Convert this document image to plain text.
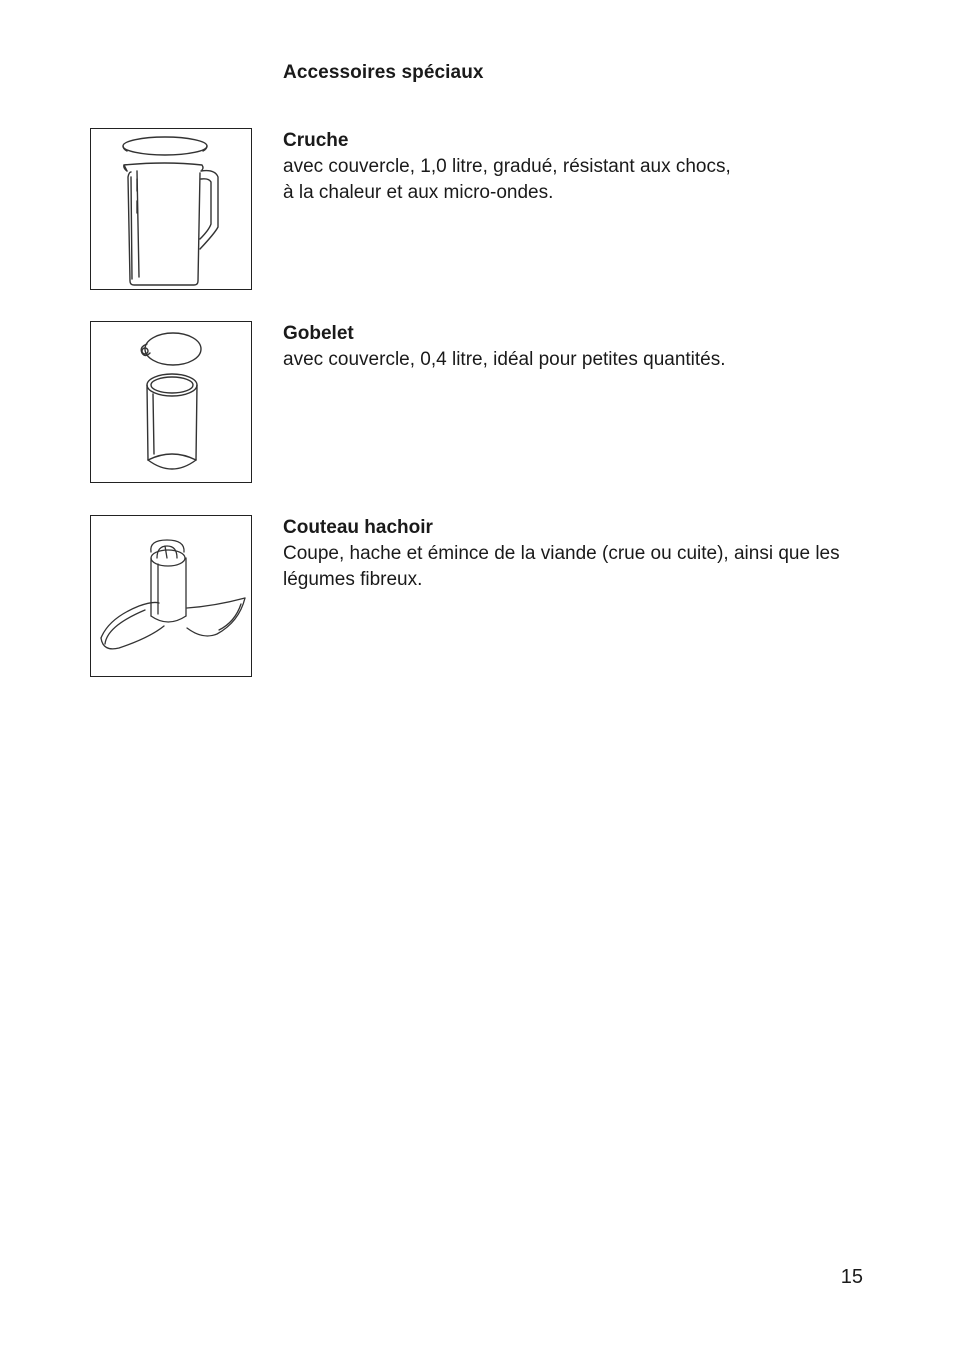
Accessoires spéciaux
Cruche
avec couvercle, 1,0 litre, gradué, résistant aux chocs,
à la chaleur et aux micro-ondes.
Gobelet
avec couvercle, 0,4 litre, idéal pour petites quantités.
Couteau hachoir
Coupe, hache et émince de la viande (crue ou cuite), ainsi que les
légumes fibreux.
15
